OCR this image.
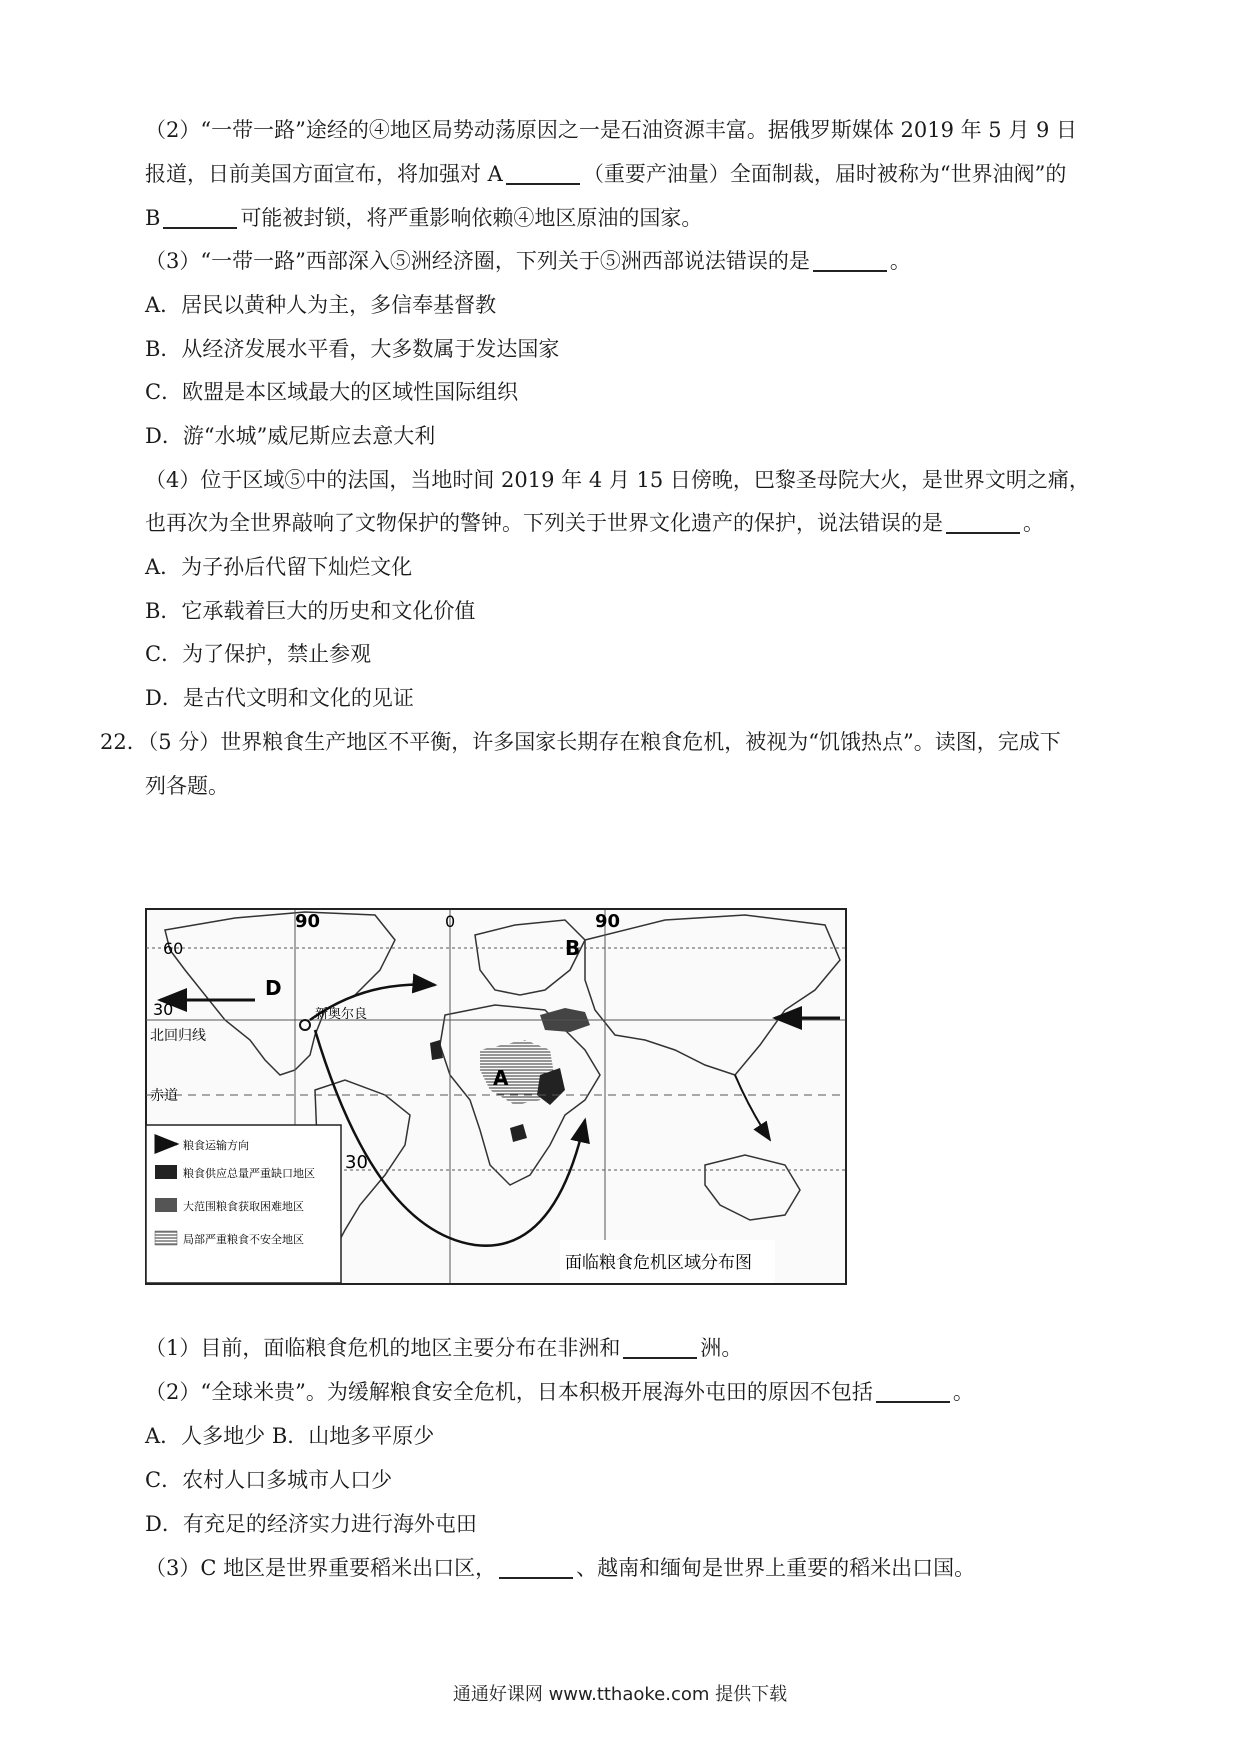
（2）“一带一路”途经的④地区局势动荡原因之一是石油资源丰富。据俄罗斯媒体 2019 年 5 月 9 日
报道，日前美国方面宣布，将加强对 A	（重要产油量）全面制裁，届时被称为“世界油阀”的
B	可能被封锁，将严重影响依赖④地区原油的国家。
（3）“一带一路”西部深入⑤洲经济圈，下列关于⑤洲西部说法错误的是	。
A．居民以黄种人为主，多信奉基督教
B．从经济发展水平看，大多数属于发达国家
C．欧盟是本区域最大的区域性国际组织
D．游“水城”威尼斯应去意大利
（4）位于区域⑤中的法国，当地时间 2019 年 4 月 15 日傍晚，巴黎圣母院大火，是世界文明之痛，
也再次为全世界敲响了文物保护的警钟。下列关于世界文化遗产的保护，说法错误的是	。
A．为子孙后代留下灿烂文化
B．它承载着巨大的历史和文化价值
C．为了保护，禁止参观
D．是古代文明和文化的见证
22．（5 分）世界粮食生产地区不平衡，许多国家长期存在粮食危机，被视为“饥饿热点”。读图，完成下
列各题。
90	0	90
60
30
北回归线
赤道
30
新奥尔良
D
A
B
粮食运输方向
粮食供应总量严重缺口地区
大范围粮食获取困难地区
局部严重粮食不安全地区
面临粮食危机区域分布图
（1）目前，面临粮食危机的地区主要分布在非洲和	洲。
（2）“全球米贵”。为缓解粮食安全危机，日本积极开展海外屯田的原因不包括	。
A．人多地少 B．山地多平原少
C．农村人口多城市人口少
D．有充足的经济实力进行海外屯田
（3）C 地区是世界重要稻米出口区，	、越南和缅甸是世界上重要的稻米出口国。
通通好课网 www.tthaoke.com 提供下载
